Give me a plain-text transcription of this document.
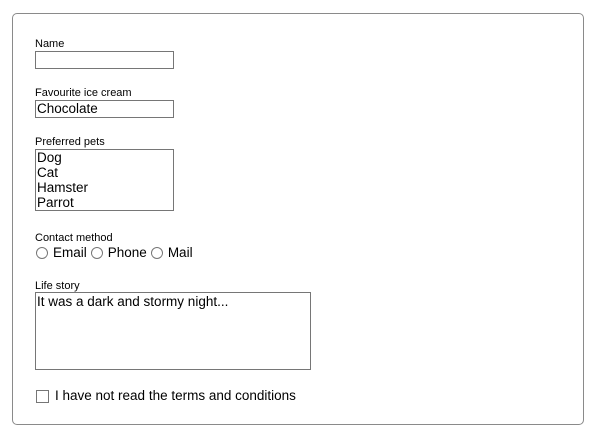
Name
Favourite ice cream
Chocolate
Preferred pets
Dog
Cat
Hamster
Parrot
Contact method
Email Phone Mail
Life story
It was a dark and stormy night...
I have not read the terms and conditions
